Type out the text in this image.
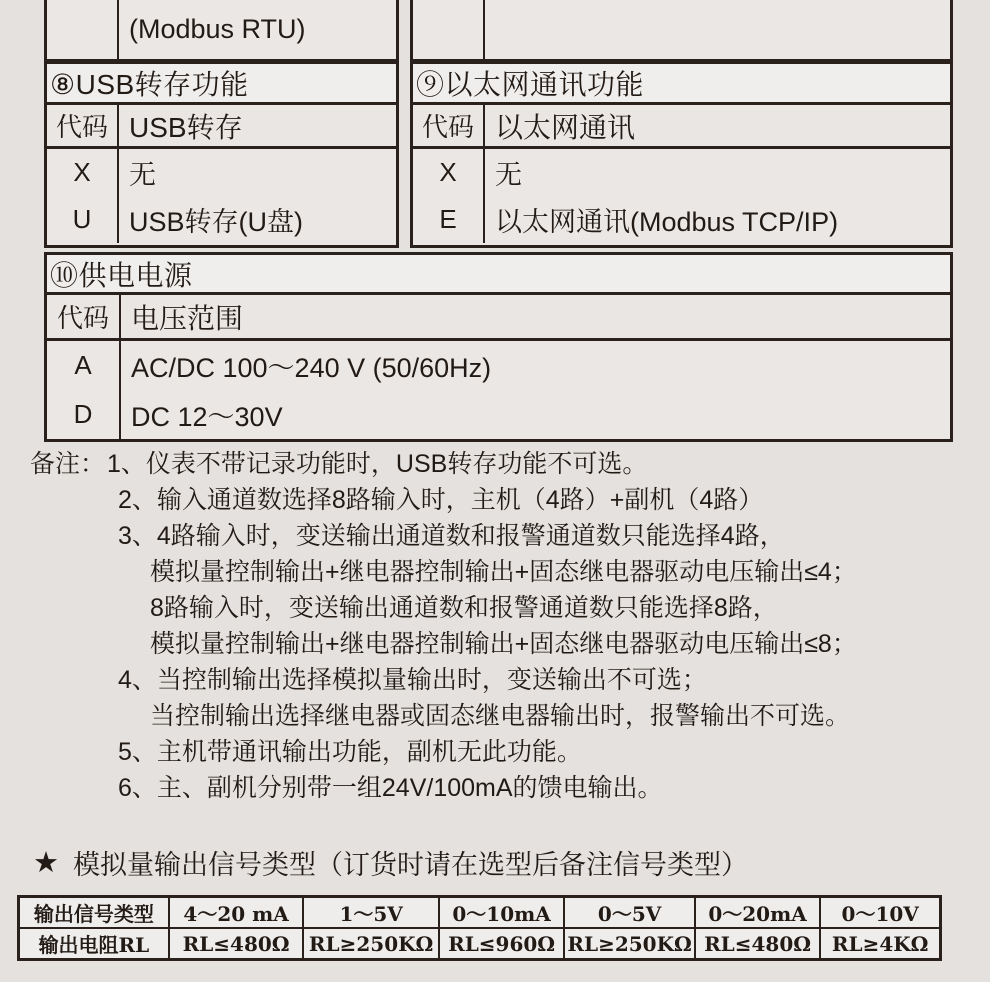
(Modbus RTU)
⑧USB转存功能
代码 USB转存
X	无
U	USB转存(U盘)
⑨以太网通讯功能
代码 以太网通讯
X	无
E	以太网通讯(Modbus TCP/IP)
⑩供电电源
代码 电压范围
A	AC/DC 100～240 V (50/60Hz)
D	DC 12～30V
备注：1、仪表不带记录功能时，USB转存功能不可选。
2、输入通道数选择8路输入时，主机（4路）+副机（4路）
3、4路输入时，变送输出通道数和报警通道数只能选择4路，
模拟量控制输出+继电器控制输出+固态继电器驱动电压输出≤4；
8路输入时，变送输出通道数和报警通道数只能选择8路，
模拟量控制输出+继电器控制输出+固态继电器驱动电压输出≤8；
4、当控制输出选择模拟量输出时，变送输出不可选；
当控制输出选择继电器或固态继电器输出时，报警输出不可选。
5、主机带通讯输出功能，副机无此功能。
6、主、副机分别带一组24V/100mA的馈电输出。
★ 模拟量输出信号类型（订货时请在选型后备注信号类型）
输出信号类型	4～20 mA	1～5V	0～10mA	0～5V	0～20mA	0～10V
输出电阻RL	RL≤480Ω	RL≥250KΩ	RL≤960Ω	RL≥250KΩ	RL≤480Ω	RL≥4KΩ
